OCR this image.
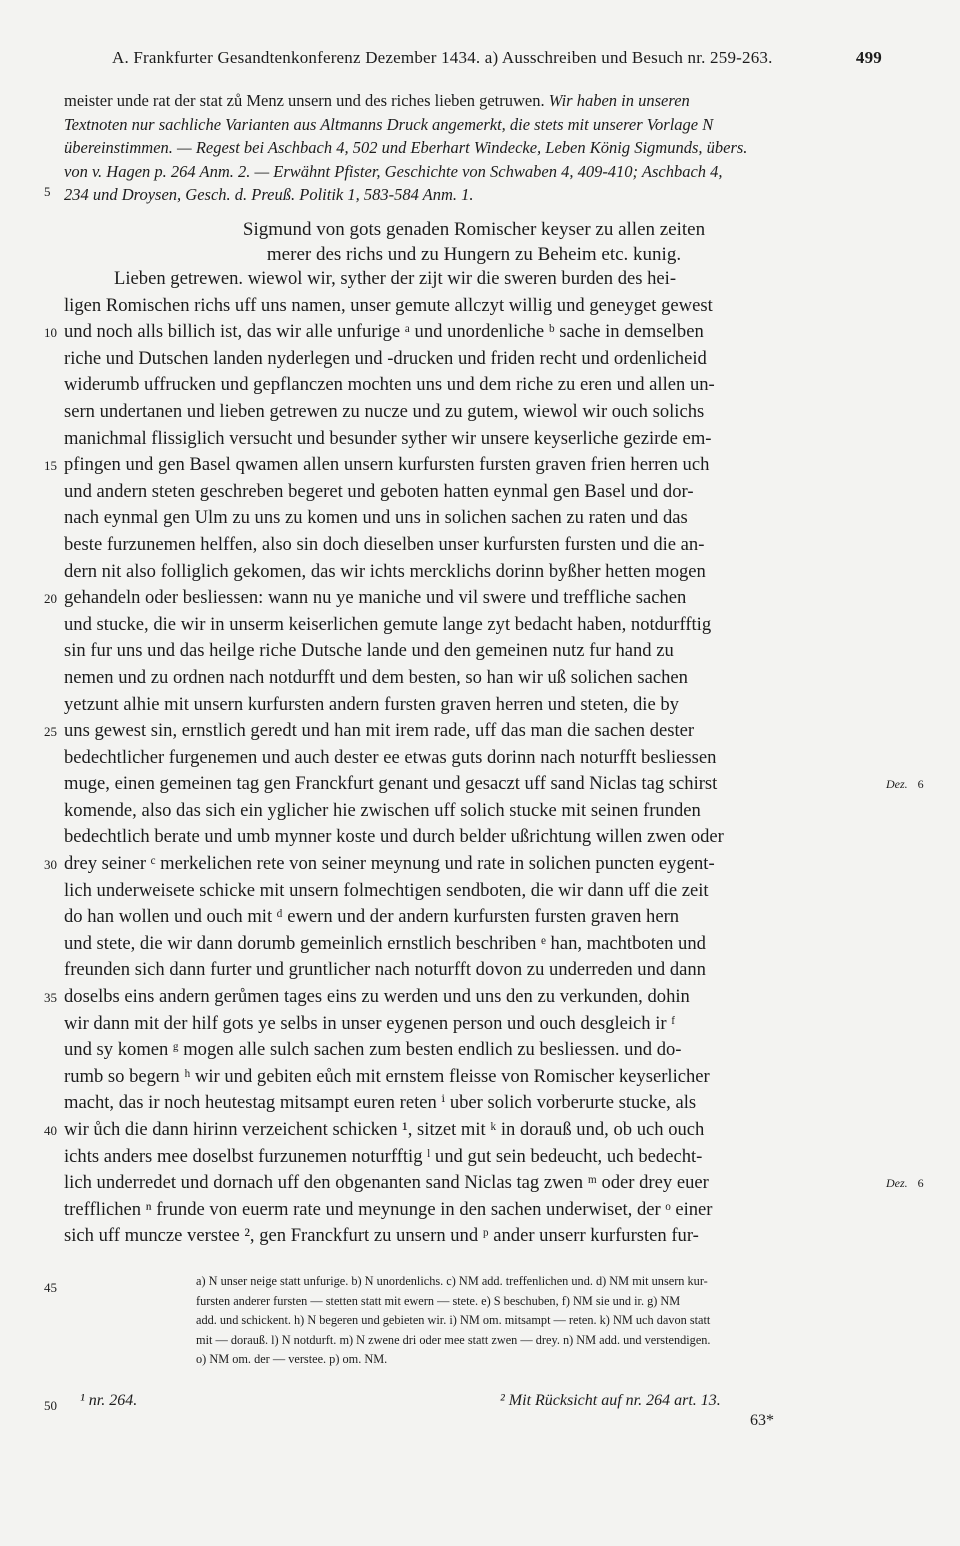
A. Frankfurter Gesandtenkonferenz Dezember 1434. a) Ausschreiben und Besuch nr. 259-263.	499
meister unde rat der stat zů Menz unsern und des riches lieben getruwen. Wir haben in unseren
Textnoten nur sachliche Varianten aus Altmanns Druck angemerkt, die stets mit unserer Vorlage N
übereinstimmen. — Regest bei Aschbach 4, 502 und Eberhart Windecke, Leben König Sigmunds, übers.
von v. Hagen p. 264 Anm. 2. — Erwähnt Pfister, Geschichte von Schwaben 4, 409-410; Aschbach 4,
234 und Droysen, Gesch. d. Preuß. Politik 1, 583-584 Anm. 1.
5
Sigmund von gots genaden Romischer keyser zu allen zeiten
merer des richs und zu Hungern zu Beheim etc. kunig.
Lieben getrewen. wiewol wir, syther der zijt wir die sweren burden des hei-
ligen Romischen richs uff uns namen, unser gemute allczyt willig und geneyget gewest
und noch alls billich ist, das wir alle unfurige ᵃ und unordenliche ᵇ sache in demselben
riche und Dutschen landen nyderlegen und -drucken und friden recht und ordenlicheid
widerumb uffrucken und gepflanczen mochten uns und dem riche zu eren und allen un-
sern undertanen und lieben getrewen zu nucze und zu gutem, wiewol wir ouch solichs
manichmal flissiglich versucht und besunder syther wir unsere keyserliche gezirde em-
pfingen und gen Basel qwamen allen unsern kurfursten fursten graven frien herren uch
und andern steten geschreben begeret und geboten hatten eynmal gen Basel und dor-
nach eynmal gen Ulm zu uns zu komen und uns in solichen sachen zu raten und das
beste furzunemen helffen, also sin doch dieselben unser kurfursten fursten und die an-
dern nit also folliglich gekomen, das wir ichts mercklichs dorinn byßher hetten mogen
gehandeln oder besliessen: wann nu ye maniche und vil swere und treffliche sachen
und stucke, die wir in unserm keiserlichen gemute lange zyt bedacht haben, notdurfftig
sin fur uns und das heilge riche Dutsche lande und den gemeinen nutz fur hand zu
nemen und zu ordnen nach notdurfft und dem besten, so han wir uß solichen sachen
yetzunt alhie mit unsern kurfursten andern fursten graven herren und steten, die by
uns gewest sin, ernstlich geredt und han mit irem rade, uff das man die sachen dester
bedechtlicher furgenemen und auch dester ee etwas guts dorinn nach noturfft besliessen
muge, einen gemeinen tag gen Franckfurt genant und gesaczt uff sand Niclas tag schirst
komende, also das sich ein yglicher hie zwischen uff solich stucke mit seinen frunden
bedechtlich berate und umb mynner koste und durch belder ußrichtung willen zwen oder
drey seiner ᶜ merkelichen rete von seiner meynung und rate in solichen puncten eygent-
lich underweisete schicke mit unsern folmechtigen sendboten, die wir dann uff die zeit
do han wollen und ouch mit ᵈ ewern und der andern kurfursten fursten graven hern
und stete, die wir dann dorumb gemeinlich ernstlich beschriben ᵉ han, machtboten und
freunden sich dann furter und gruntlicher nach noturfft dovon zu underreden und dann
doselbs eins andern gerůmen tages eins zu werden und uns den zu verkunden, dohin
wir dann mit der hilf gots ye selbs in unser eygenen person und ouch desgleich ir ᶠ
und sy komen ᵍ mogen alle sulch sachen zum besten endlich zu besliessen. und do-
rumb so begern ʰ wir und gebiten eůch mit ernstem fleisse von Romischer keyserlicher
macht, das ir noch heutestag mitsampt euren reten ⁱ uber solich vorberurte stucke, als
wir ůch die dann hirinn verzeichent schicken ¹, sitzet mit ᵏ in dorauß und, ob uch ouch
ichts anders mee doselbst furzunemen noturfftig ˡ und gut sein bedeucht, uch bedecht-
lich underredet und dornach uff den obgenanten sand Niclas tag zwen ᵐ oder drey euer
trefflichen ⁿ frunde von euerm rate und meynunge in den sachen underwiset, der ᵒ einer
sich uff muncze verstee ², gen Franckfurt zu unsern und ᵖ ander unserr kurfursten fur-
10
15
20
25
30
35
40
Dez. 6
Dez. 6
45	a) N unser neige statt unfurige. b) N unordenlichs. c) NM add. treffenlichen und. d) NM mit unsern kur-
fursten anderer fursten — stetten statt mit ewern — stete. e) S beschuben, f) NM sie und ir. g) NM
add. und schickent. h) N begeren und gebieten wir. i) NM om. mitsampt — reten. k) NM uch davon statt
mit — dorauß. l) N notdurft. m) N zwene dri oder mee statt zwen — drey. n) NM add. und verstendigen.
o) NM om. der — verstee. p) om. NM.
50 ¹ nr. 264.	² Mit Rücksicht auf nr. 264 art. 13.
63*
